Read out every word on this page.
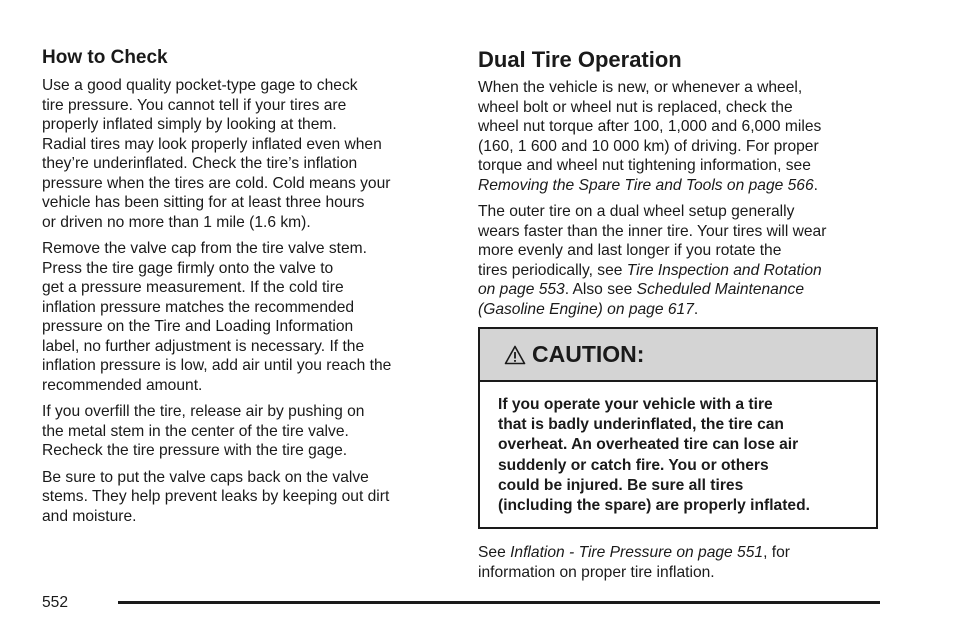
How to Check
Use a good quality pocket-type gage to check
tire pressure. You cannot tell if your tires are
properly inflated simply by looking at them.
Radial tires may look properly inflated even when
they’re underinflated. Check the tire’s inflation
pressure when the tires are cold. Cold means your
vehicle has been sitting for at least three hours
or driven no more than 1 mile (1.6 km).
Remove the valve cap from the tire valve stem.
Press the tire gage firmly onto the valve to
get a pressure measurement. If the cold tire
inflation pressure matches the recommended
pressure on the Tire and Loading Information
label, no further adjustment is necessary. If the
inflation pressure is low, add air until you reach the
recommended amount.
If you overfill the tire, release air by pushing on
the metal stem in the center of the tire valve.
Recheck the tire pressure with the tire gage.
Be sure to put the valve caps back on the valve
stems. They help prevent leaks by keeping out dirt
and moisture.
Dual Tire Operation
When the vehicle is new, or whenever a wheel,
wheel bolt or wheel nut is replaced, check the
wheel nut torque after 100, 1,000 and 6,000 miles
(160, 1 600 and 10 000 km) of driving. For proper
torque and wheel nut tightening information, see
Removing the Spare Tire and Tools on page 566.
The outer tire on a dual wheel setup generally
wears faster than the inner tire. Your tires will wear
more evenly and last longer if you rotate the
tires periodically, see Tire Inspection and Rotation
on page 553. Also see Scheduled Maintenance
(Gasoline Engine) on page 617.
CAUTION:
If you operate your vehicle with a tire
that is badly underinflated, the tire can
overheat. An overheated tire can lose air
suddenly or catch fire. You or others
could be injured. Be sure all tires
(including the spare) are properly inflated.
See Inflation - Tire Pressure on page 551, for
information on proper tire inflation.
552
